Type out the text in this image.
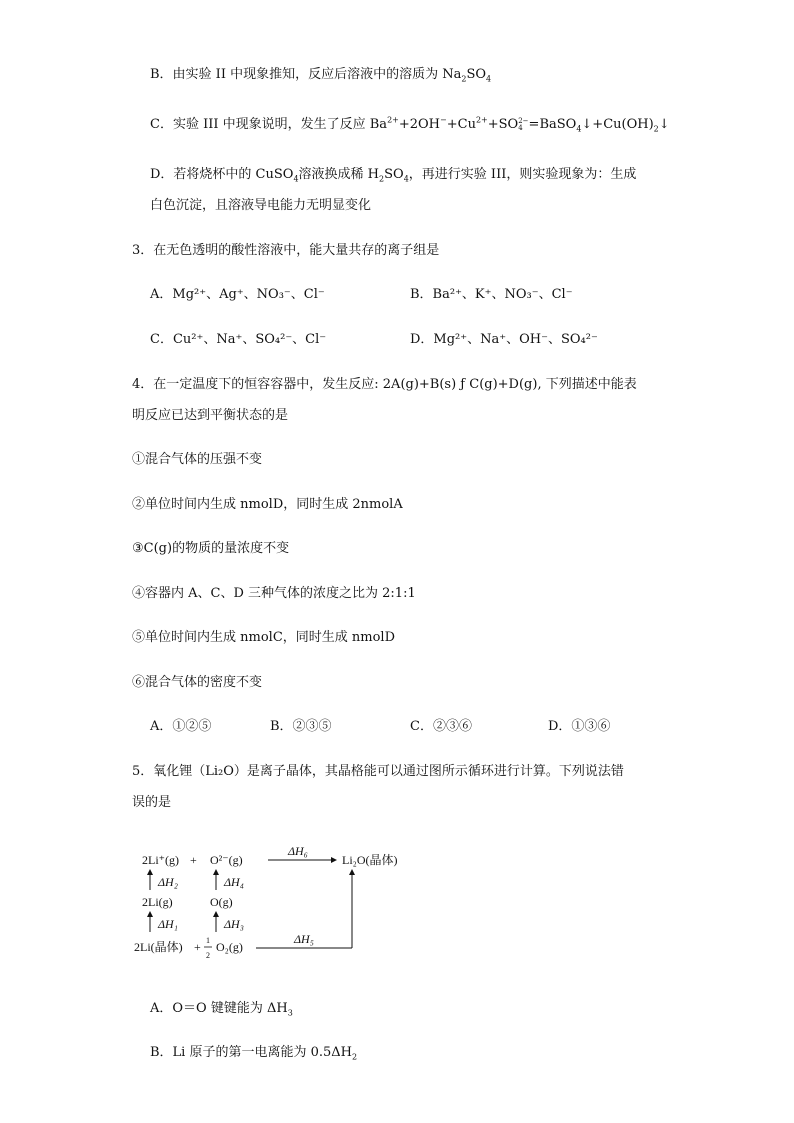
B．由实验 II 中现象推知，反应后溶液中的溶质为 $Na_2SO_4$
C．实验 III 中现象说明，发生了反应 $Ba^{2+}+2OH^-+Cu^{2+}+SO$ 2−
$4 =BaSO_4↓+Cu(OH)_2↓$
D．若将烧杯中的 CuSO$_4$溶液换成稀 $H_2SO_4$，再进行实验 III，则实验现象为：生成
白色沉淀，且溶液导电能力无明显变化
3．在无色透明的酸性溶液中，能大量共存的离子组是
A．Mg²⁺、Ag⁺、NO₃⁻、Cl⁻	B．Ba²⁺、K⁺、NO₃⁻、Cl⁻
C．Cu²⁺、Na⁺、SO₄²⁻、Cl⁻	D．Mg²⁺、Na⁺、OH⁻、SO₄²⁻
4．在一定温度下的恒容容器中，发生反应: 2A(g)+B(s) ƒ C(g)+D(g), 下列描述中能表
明反应已达到平衡状态的是
①混合气体的压强不变
②单位时间内生成 nmolD，同时生成 2nmolA
③C(g)的物质的量浓度不变
④容器内 A、C、D 三种气体的浓度之比为 2:1:1
⑤单位时间内生成 nmolC，同时生成 nmolD
⑥混合气体的密度不变
A．①②⑤	B．②③⑤	C．②③⑥	D．①③⑥
5．氧化锂（Li₂O）是离子晶体，其晶格能可以通过图所示循环进行计算。下列说法错
误的是
2Li⁺(g) + O²⁻(g)
ΔH₆
Li₂O(晶体)
ΔH₂	ΔH₄
2Li(g)	O(g)
ΔH₁	ΔH₃
2Li(晶体) + 1
2
O₂(g)
ΔH₅
A．O＝O 键键能为 $\Delta H_3$
B．Li 原子的第一电离能为 $0.5\Delta H_2$
